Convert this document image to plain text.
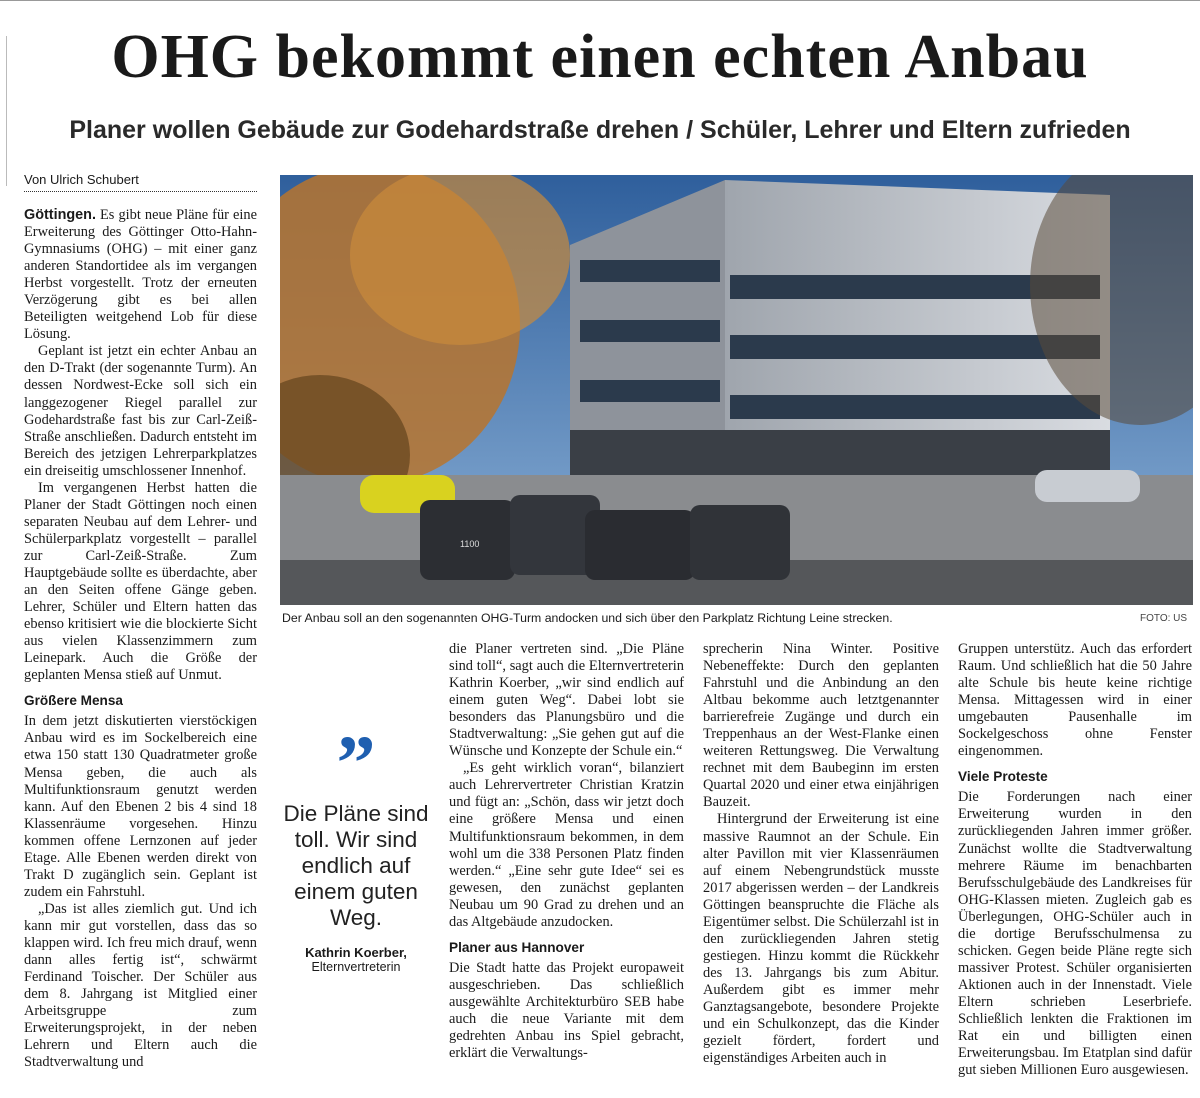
OHG bekommt einen echten Anbau
Planer wollen Gebäude zur Godehardstraße drehen / Schüler, Lehrer und Eltern zufrieden
Von Ulrich Schubert

Göttingen. Es gibt neue Pläne für eine Erweiterung des Göttinger Otto-Hahn-Gymnasiums (OHG) – mit einer ganz anderen Standortidee als im vergangen Herbst vorgestellt. Trotz der erneuten Verzögerung gibt es bei allen Beteiligten weitgehend Lob für diese Lösung.

Geplant ist jetzt ein echter Anbau an den D-Trakt (der sogenannte Turm). An dessen Nordwest-Ecke soll sich ein langgezogener Riegel parallel zur Godehardstraße fast bis zur Carl-Zeiß-Straße anschließen. Dadurch entsteht im Bereich des jetzigen Lehrerparkplatzes ein dreiseitig umschlossener Innenhof.

Im vergangenen Herbst hatten die Planer der Stadt Göttingen noch einen separaten Neubau auf dem Lehrer- und Schülerparkplatz vorgestellt – parallel zur Carl-Zeiß-Straße. Zum Hauptgebäude sollte es überdachte, aber an den Seiten offene Gänge geben. Lehrer, Schüler und Eltern hatten das ebenso kritisiert wie die blockierte Sicht aus vielen Klassenzimmern zum Leinepark. Auch die Größe der geplanten Mensa stieß auf Unmut.

Größere Mensa

In dem jetzt diskutierten vierstöckigen Anbau wird es im Sockelbereich eine etwa 150 statt 130 Quadratmeter große Mensa geben, die auch als Multifunktionsraum genutzt werden kann. Auf den Ebenen 2 bis 4 sind 18 Klassenräume vorgesehen. Hinzu kommen offene Lernzonen auf jeder Etage. Alle Ebenen werden direkt von Trakt D zugänglich sein. Geplant ist zudem ein Fahrstuhl.

„Das ist alles ziemlich gut. Und ich kann mir gut vorstellen, dass das so klappen wird. Ich freu mich drauf, wenn dann alles fertig ist“, schwärmt Ferdinand Toischer. Der Schüler aus dem 8. Jahrgang ist Mitglied einer Arbeitsgruppe zum Erweiterungsprojekt, in der neben Lehrern und Eltern auch die Stadtverwaltung und

1100
Der Anbau soll an den sogenannten OHG-Turm andocken und sich über den Parkplatz Richtung Leine strecken.	FOTO: US
”
Die Pläne sind toll. Wir sind endlich auf einem guten Weg.
Kathrin Koerber,
Elternvertreterin

die Planer vertreten sind. „Die Pläne sind toll“, sagt auch die Elternvertreterin Kathrin Koerber, „wir sind endlich auf einem guten Weg“. Dabei lobt sie besonders das Planungsbüro und die Stadtverwaltung: „Sie gehen gut auf die Wünsche und Konzepte der Schule ein.“

„Es geht wirklich voran“, bilanziert auch Lehrervertreter Christian Kratzin und fügt an: „Schön, dass wir jetzt doch eine größere Mensa und einen Multifunktionsraum bekommen, in dem wohl um die 338 Personen Platz finden werden.“ „Eine sehr gute Idee“ sei es gewesen, den zunächst geplanten Neubau um 90 Grad zu drehen und an das Altgebäude anzudocken.

Planer aus Hannover

Die Stadt hatte das Projekt europaweit ausgeschrieben. Das schließlich ausgewählte Architekturbüro SEB habe auch die neue Variante mit dem gedrehten Anbau ins Spiel gebracht, erklärt die Verwaltungs-

sprecherin Nina Winter. Positive Nebeneffekte: Durch den geplanten Fahrstuhl und die Anbindung an den Altbau bekomme auch letztgenannter barrierefreie Zugänge und durch ein Treppenhaus an der West-Flanke einen weiteren Rettungsweg. Die Verwaltung rechnet mit dem Baubeginn im ersten Quartal 2020 und einer etwa einjährigen Bauzeit.

Hintergrund der Erweiterung ist eine massive Raumnot an der Schule. Ein alter Pavillon mit vier Klassenräumen auf einem Nebengrundstück musste 2017 abgerissen werden – der Landkreis Göttingen beanspruchte die Fläche als Eigentümer selbst. Die Schülerzahl ist in den zurückliegenden Jahren stetig gestiegen. Hinzu kommt die Rückkehr des 13. Jahrgangs bis zum Abitur. Außerdem gibt es immer mehr Ganztagsangebote, besondere Projekte und ein Schulkonzept, das die Kinder gezielt fördert, fordert und eigenständiges Arbeiten auch in

Gruppen unterstütz. Auch das erfordert Raum. Und schließlich hat die 50 Jahre alte Schule bis heute keine richtige Mensa. Mittagessen wird in einer umgebauten Pausenhalle im Sockelgeschoss ohne Fenster eingenommen.

Viele Proteste

Die Forderungen nach einer Erweiterung wurden in den zurückliegenden Jahren immer größer. Zunächst wollte die Stadtverwaltung mehrere Räume im benachbarten Berufsschulgebäude des Landkreises für OHG-Klassen mieten. Zugleich gab es Überlegungen, OHG-Schüler auch in die dortige Berufsschulmensa zu schicken. Gegen beide Pläne regte sich massiver Protest. Schüler organisierten Aktionen auch in der Innenstadt. Viele Eltern schrieben Leserbriefe. Schließlich lenkten die Fraktionen im Rat ein und billigten einen Erweiterungsbau. Im Etatplan sind dafür gut sieben Millionen Euro ausgewiesen.
